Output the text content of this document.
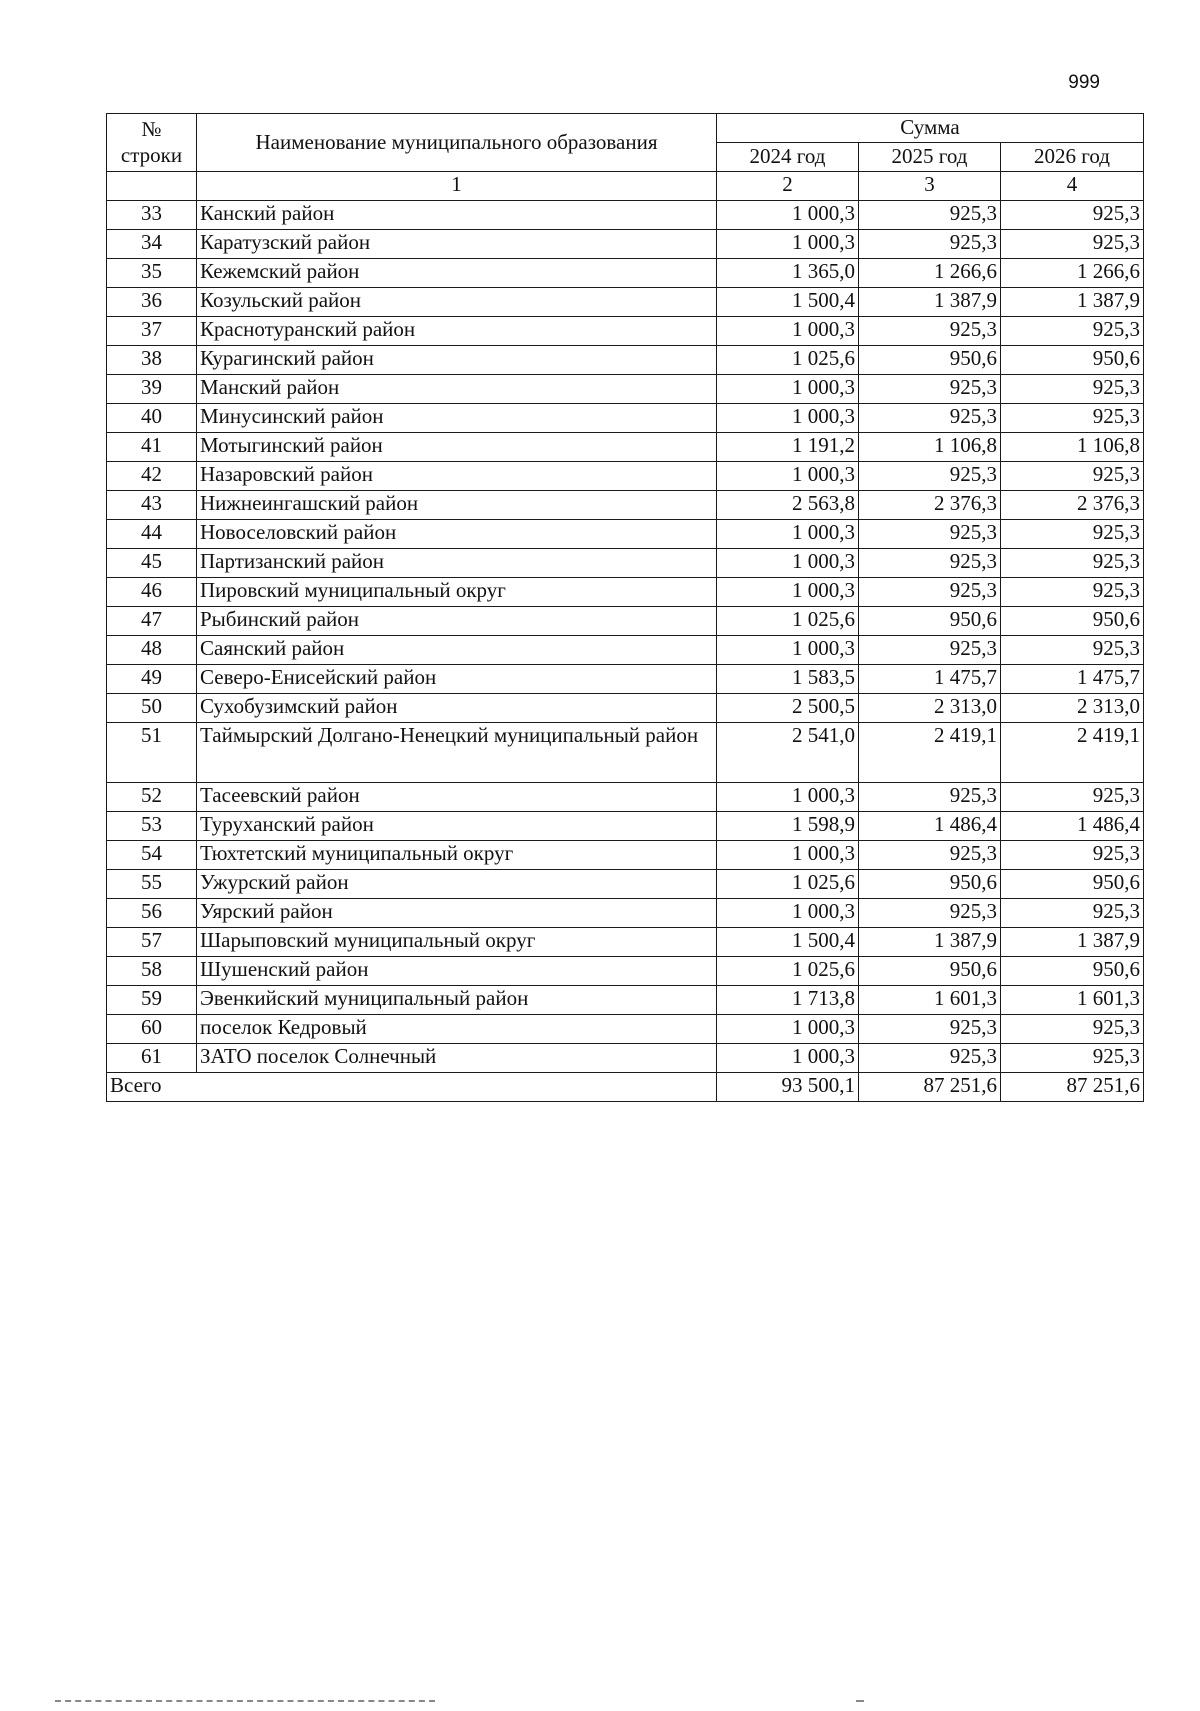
999
№
строки	Наименование муниципального образования	Сумма		
		2024 год	2025 год	2026 год
	1	2	3	4
33	Канский район	1 000,3	925,3	925,3
34	Каратузский район	1 000,3	925,3	925,3
35	Кежемский район	1 365,0	1 266,6	1 266,6
36	Козульский район	1 500,4	1 387,9	1 387,9
37	Краснотуранский район	1 000,3	925,3	925,3
38	Курагинский район	1 025,6	950,6	950,6
39	Манский район	1 000,3	925,3	925,3
40	Минусинский район	1 000,3	925,3	925,3
41	Мотыгинский район	1 191,2	1 106,8	1 106,8
42	Назаровский район	1 000,3	925,3	925,3
43	Нижнеингашский район	2 563,8	2 376,3	2 376,3
44	Новоселовский район	1 000,3	925,3	925,3
45	Партизанский район	1 000,3	925,3	925,3
46	Пировский муниципальный округ	1 000,3	925,3	925,3
47	Рыбинский район	1 025,6	950,6	950,6
48	Саянский район	1 000,3	925,3	925,3
49	Северо-Енисейский район	1 583,5	1 475,7	1 475,7
50	Сухобузимский район	2 500,5	2 313,0	2 313,0
51	Таймырский Долгано-Ненецкий муниципальный район	2 541,0	2 419,1	2 419,1
52	Тасеевский район	1 000,3	925,3	925,3
53	Туруханский район	1 598,9	1 486,4	1 486,4
54	Тюхтетский муниципальный округ	1 000,3	925,3	925,3
55	Ужурский район	1 025,6	950,6	950,6
56	Уярский район	1 000,3	925,3	925,3
57	Шарыповский муниципальный округ	1 500,4	1 387,9	1 387,9
58	Шушенский район	1 025,6	950,6	950,6
59	Эвенкийский муниципальный район	1 713,8	1 601,3	1 601,3
60	поселок Кедровый	1 000,3	925,3	925,3
61	ЗАТО поселок Солнечный	1 000,3	925,3	925,3
Всего		93 500,1	87 251,6	87 251,6
